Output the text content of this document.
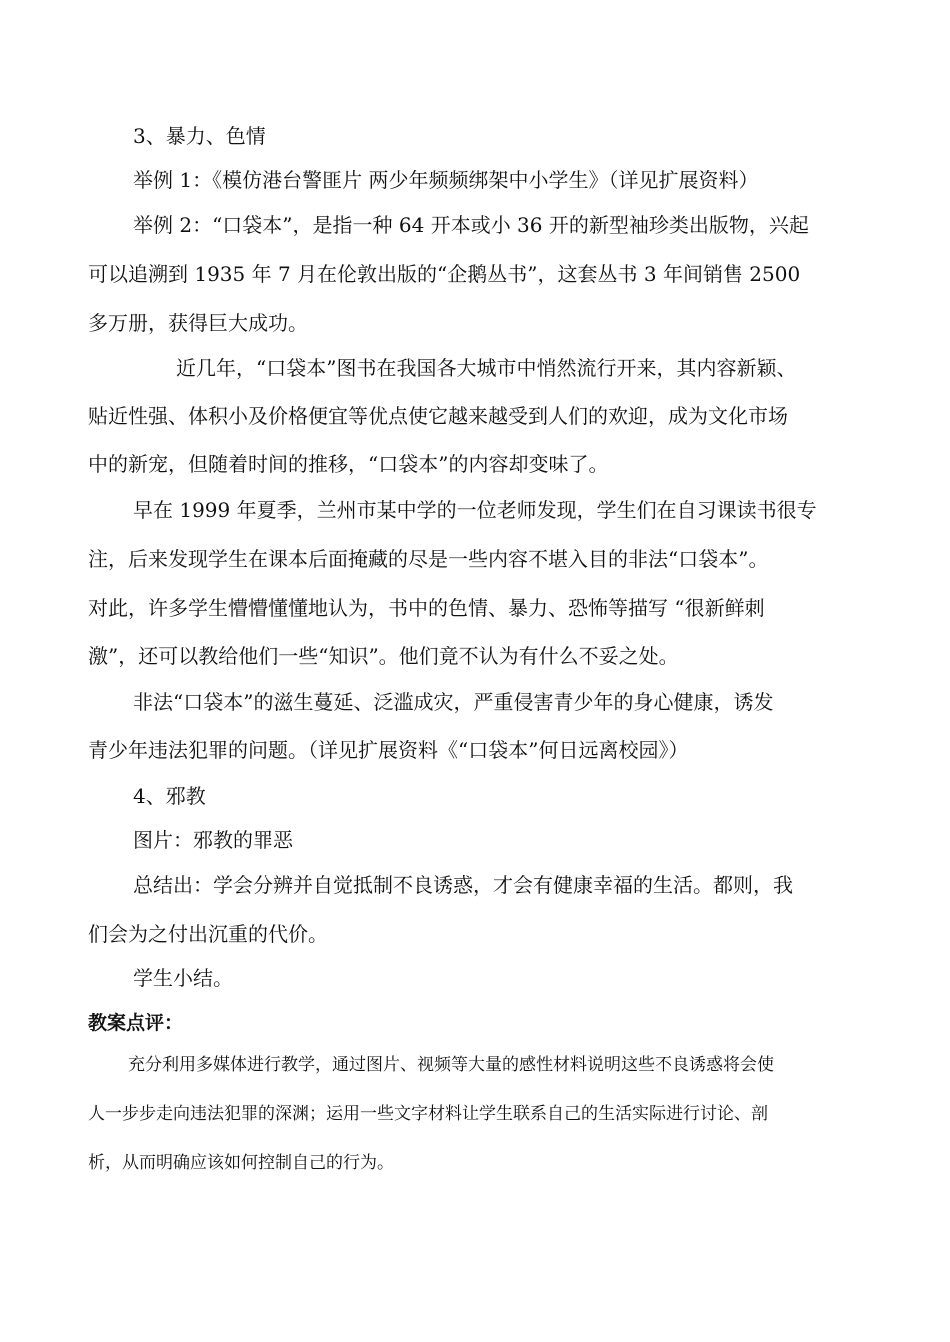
3、暴力、色情
举例 1：《模仿港台警匪片 两少年频频绑架中小学生》（详见扩展资料）
举例 2：“口袋本”，是指一种 64 开本或小 36 开的新型袖珍类出版物，兴起
可以追溯到 1935 年 7 月在伦敦出版的“企鹅丛书”，这套丛书 3 年间销售 2500
多万册，获得巨大成功。
近几年，“口袋本”图书在我国各大城市中悄然流行开来，其内容新颖、
贴近性强、体积小及价格便宜等优点使它越来越受到人们的欢迎，成为文化市场
中的新宠，但随着时间的推移，“口袋本”的内容却变味了。
早在 1999 年夏季，兰州市某中学的一位老师发现，学生们在自习课读书很专
注，后来发现学生在课本后面掩藏的尽是一些内容不堪入目的非法“口袋本”。
对此，许多学生懵懵懂懂地认为，书中的色情、暴力、恐怖等描写 “很新鲜刺
激”，还可以教给他们一些“知识”。他们竟不认为有什么不妥之处。
非法“口袋本”的滋生蔓延、泛滥成灾，严重侵害青少年的身心健康，诱发
青少年违法犯罪的问题。（详见扩展资料《“口袋本”何日远离校园》）
4、邪教
图片：邪教的罪恶
总结出：学会分辨并自觉抵制不良诱惑，才会有健康幸福的生活。都则，我
们会为之付出沉重的代价。
学生小结。
教案点评：
充分利用多媒体进行教学，通过图片、视频等大量的感性材料说明这些不良诱惑将会使
人一步步走向违法犯罪的深渊；运用一些文字材料让学生联系自己的生活实际进行讨论、剖
析，从而明确应该如何控制自己的行为。
